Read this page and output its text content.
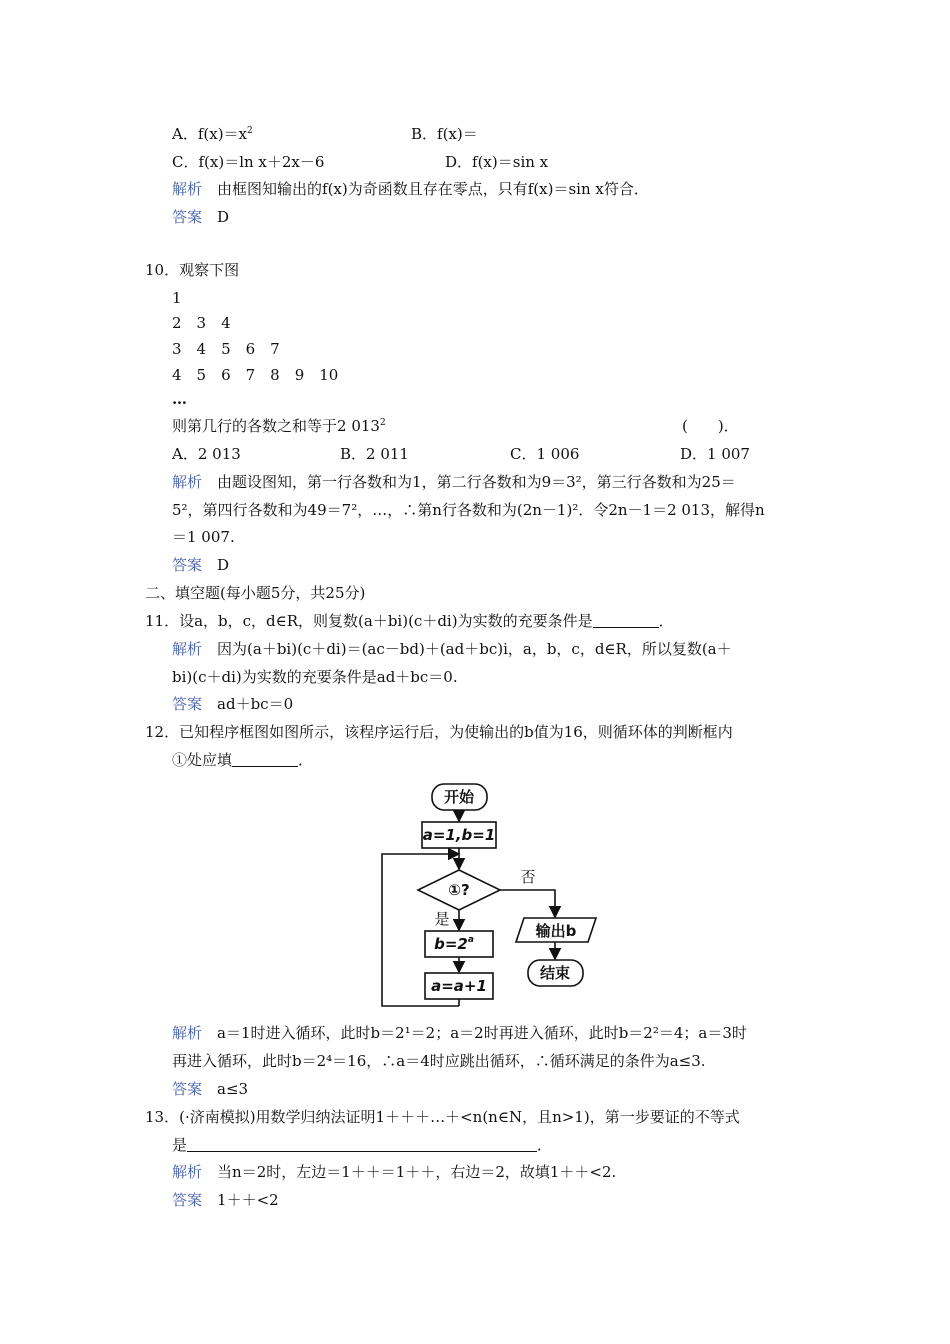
A．$f(x)=x^2$	B．f(x)＝
C．f(x)＝ln x＋2x－6	D．f(x)＝sin x
解析　 由框图知输出的f(x)为奇函数且存在零点，只有f(x)＝sin x符合．
答案　 D
10．观察下图
1
2　3　4
3　4　5　6　7
4　5　6　7　8　9　10
…
则第几行的各数之和等于2 $013^2$	(　　)．
A．2 013	B．2 011	C．1 006	D．1 007
解析　 由题设图知，第一行各数和为1，第二行各数和为9＝3²，第三行各数和为25＝
5²，第四行各数和为49＝7²，…，∴第n行各数和为(2n－1)²．令2n－1＝2 013，解得n
＝1 007.
答案　 D
二、填空题(每小题5分，共25分)
11．设a，b，c，d∈R，则复数(a＋bi)(c＋di)为实数的充要条件是	．
解析　 因为(a＋bi)(c＋di)＝(ac－bd)＋(ad＋bc)i，a，b，c，d∈R，所以复数(a＋
bi)(c＋di)为实数的充要条件是ad＋bc＝0.
答案　 ad＋bc＝0
12．已知程序框图如图所示，该程序运行后，为使输出的b值为16，则循环体的判断框内
①处应填	．
开始
a=1,b=1
①?
$b=2^a$
a=a+1
输出b
结束
否
是
解析　 a＝1时进入循环，此时b＝2¹＝2；a＝2时再进入循环，此时b＝2²＝4；a＝3时
再进入循环，此时b＝2⁴＝16，∴a＝4时应跳出循环，∴循环满足的条件为a≤3.
答案　 a≤3
13．(·济南模拟)用数学归纳法证明1＋＋＋…＋<n(n∈N，且n>1)，第一步要证的不等式
是	．
解析　 当n＝2时，左边＝1＋＋＝1＋＋，右边＝2，故填1＋＋<2.
答案　 1＋＋<2
